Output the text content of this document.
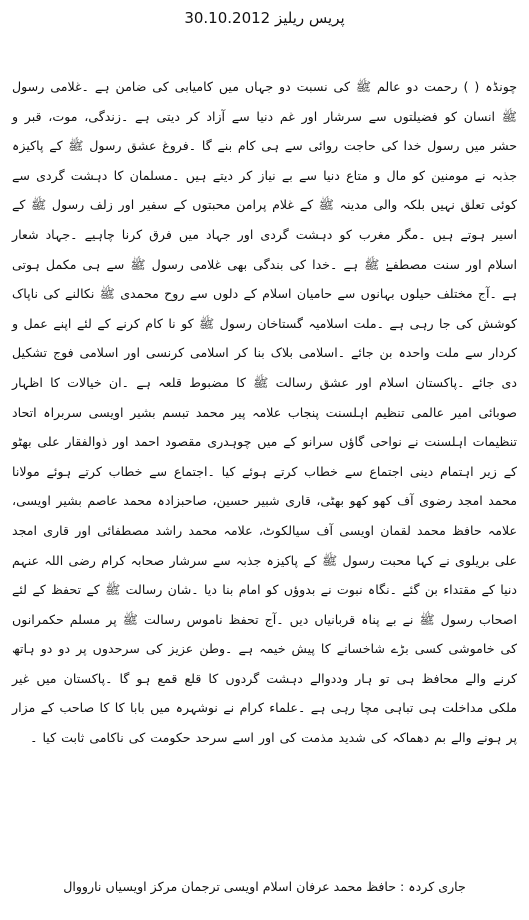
پریس ریلیز 30.10.2012

چونڈہ ( ) رحمت دو عالم ﷺ کی نسبت دو جہاں میں کامیابی کی ضامن ہے ۔غلامی رسول ﷺ انسان کو فضیلتوں سے سرشار اور غم دنیا سے آزاد کر دیتی ہے ۔زندگی، موت، قبر و حشر میں رسول خدا کی حاجت روائی سے ہی کام بنے گا ۔فروغ عشق رسول ﷺ کے پاکیزہ جذبہ نے مومنین کو مال و متاع دنیا سے بے نیاز کر دیتے ہیں ۔مسلمان کا دہشت گردی سے کوئی تعلق نہیں بلکہ والی مدینہ ﷺ کے غلام پرامن محبتوں کے سفیر اور زلف رسول ﷺ کے اسیر ہوتے ہیں ۔مگر مغرب کو دہشت گردی اور جہاد میں فرق کرنا چاہیے ۔جہاد شعار اسلام اور سنت مصطفےٰ ﷺ ہے ۔خدا کی بندگی بھی غلامی رسول ﷺ سے ہی مکمل ہوتی ہے ۔آج مختلف حیلوں بہانوں سے حامیان اسلام کے دلوں سے روح محمدی ﷺ نکالنے کی ناپاک کوشش کی جا رہی ہے ۔ملت اسلامیہ گستاخان رسول ﷺ کو نا کام کرنے کے لئے اپنے عمل و کردار سے ملت واحدہ بن جائے ۔اسلامی بلاک بنا کر اسلامی کرنسی اور اسلامی فوج تشکیل دی جائے ۔پاکستان اسلام اور عشق رسالت ﷺ کا مضبوط قلعہ ہے ۔ان خیالات کا اظہار صوبائی امیر عالمی تنظیم اہلسنت پنجاب علامہ پیر محمد تبسم بشیر اویسی سربراہ اتحاد تنظیمات اہلسنت نے نواحی گاؤں سرانو کے میں چوہدری مقصود احمد اور ذوالفقار علی بھٹو کے زیر اہتمام دینی اجتماع سے خطاب کرتے ہوئے کیا ۔اجتماع سے خطاب کرتے ہوئے مولانا محمد امجد رضوی آف کھو کھو بھٹی، قاری شبیر حسین، صاحبزادہ محمد عاصم بشیر اویسی، علامہ حافظ محمد لقمان اویسی آف سیالکوٹ، علامہ محمد راشد مصطفائی اور قاری امجد علی بریلوی نے کہا محبت رسول ﷺ کے پاکیزہ جذبہ سے سرشار صحابہ کرام رضی اللہ عنہم دنیا کے مقتداء بن گئے ۔نگاہ نبوت نے بدوؤں کو امام بنا دیا ۔شان رسالت ﷺ کے تحفظ کے لئے اصحاب رسول ﷺ نے بے پناہ قربانیاں دیں ۔آج تحفظ ناموس رسالت ﷺ پر مسلم حکمرانوں کی خاموشی کسی بڑے شاخسانے کا پیش خیمہ ہے ۔وطن عزیز کی سرحدوں پر دو دو ہاتھ کرنے والے محافظ ہی تو ہار وددوالے دہشت گردوں کا قلع قمع ہو گا ۔پاکستان میں غیر ملکی مداخلت ہی تباہی مچا رہی ہے ۔علماء کرام نے نوشہرہ میں بابا کا کا صاحب کے مزار پر ہونے والے بم دھماکہ کی شدید مذمت کی اور اسے سرحد حکومت کی ناکامی ثابت کیا ۔

جاری کردہ : حافظ محمد عرفان اسلام اویسی ترجمان مرکز اویسیاں نارووال
